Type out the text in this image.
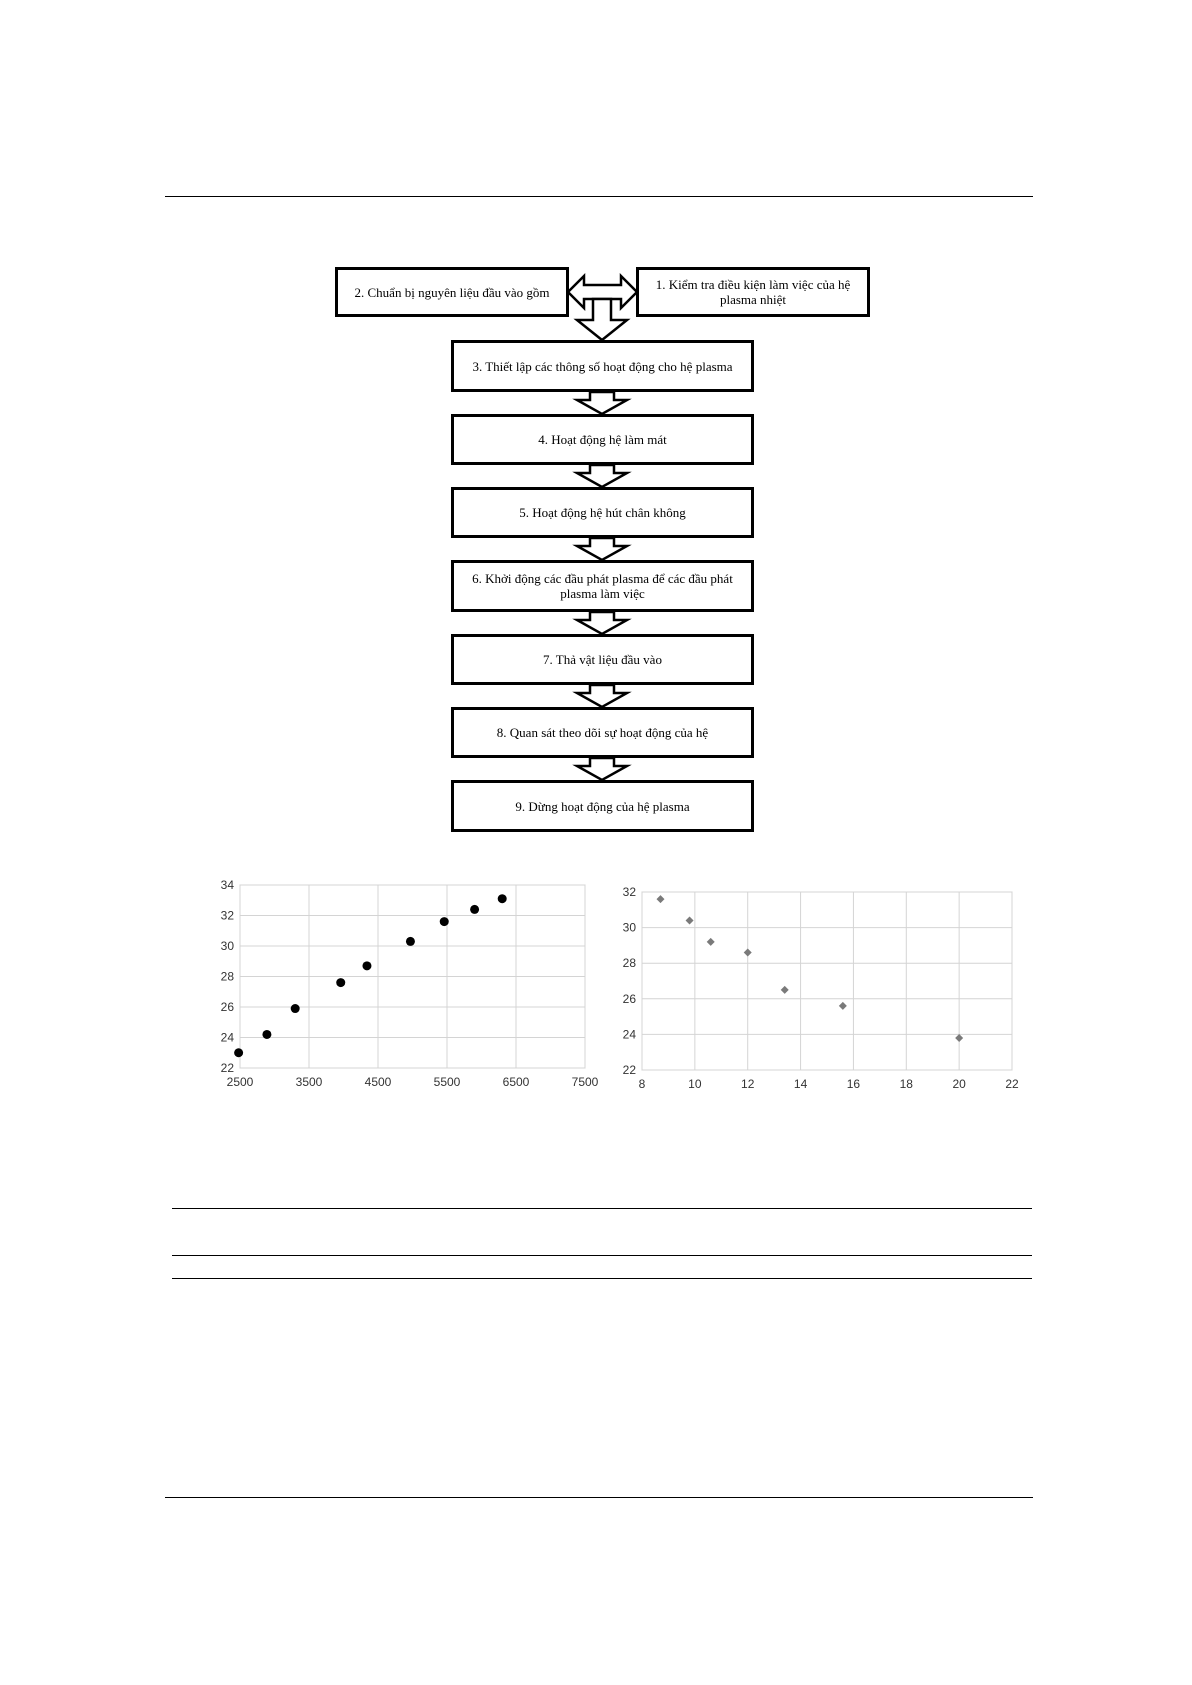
2. Chuẩn bị nguyên liệu đầu vào gồm	1. Kiểm tra điều kiện làm việc của hệ plasma nhiệt
3. Thiết lập các thông số hoạt động cho hệ plasma
4. Hoạt động hệ làm mát
5. Hoạt động hệ hút chân không
6. Khởi động các đầu phát plasma để các đầu phát plasma làm việc
7. Thả vật liệu đầu vào
8. Quan sát theo dõi sự hoạt động của hệ
9. Dừng hoạt động của hệ plasma
2500	3500	4500	5500	6500	7500
22
24
26
28
30
32
34
8	10	12	14	16	18	20	22
22
24
26
28
30
32
